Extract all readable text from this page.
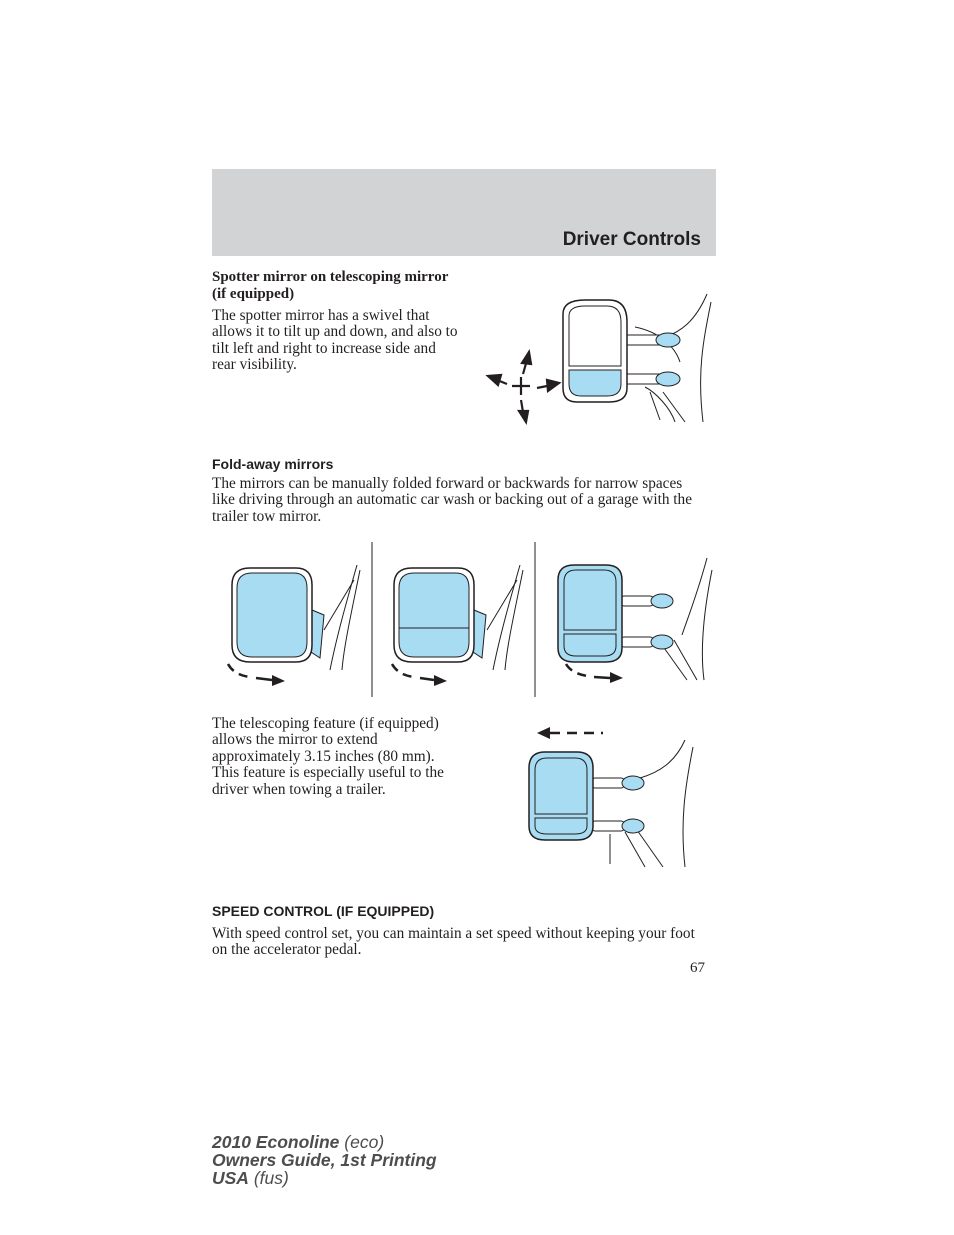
Driver Controls
Spotter mirror on telescoping mirror (if equipped)
The spotter mirror has a swivel that allows it to tilt up and down, and also to tilt left and right to increase side and rear visibility.
Fold-away mirrors
The mirrors can be manually folded forward or backwards for narrow spaces like driving through an automatic car wash or backing out of a garage with the trailer tow mirror.
The telescoping feature (if equipped) allows the mirror to extend approximately 3.15 inches (80 mm). This feature is especially useful to the driver when towing a trailer.
SPEED CONTROL (IF EQUIPPED)
With speed control set, you can maintain a set speed without keeping your foot on the accelerator pedal.
67
2010 Econoline (eco)
Owners Guide, 1st Printing
USA (fus)
